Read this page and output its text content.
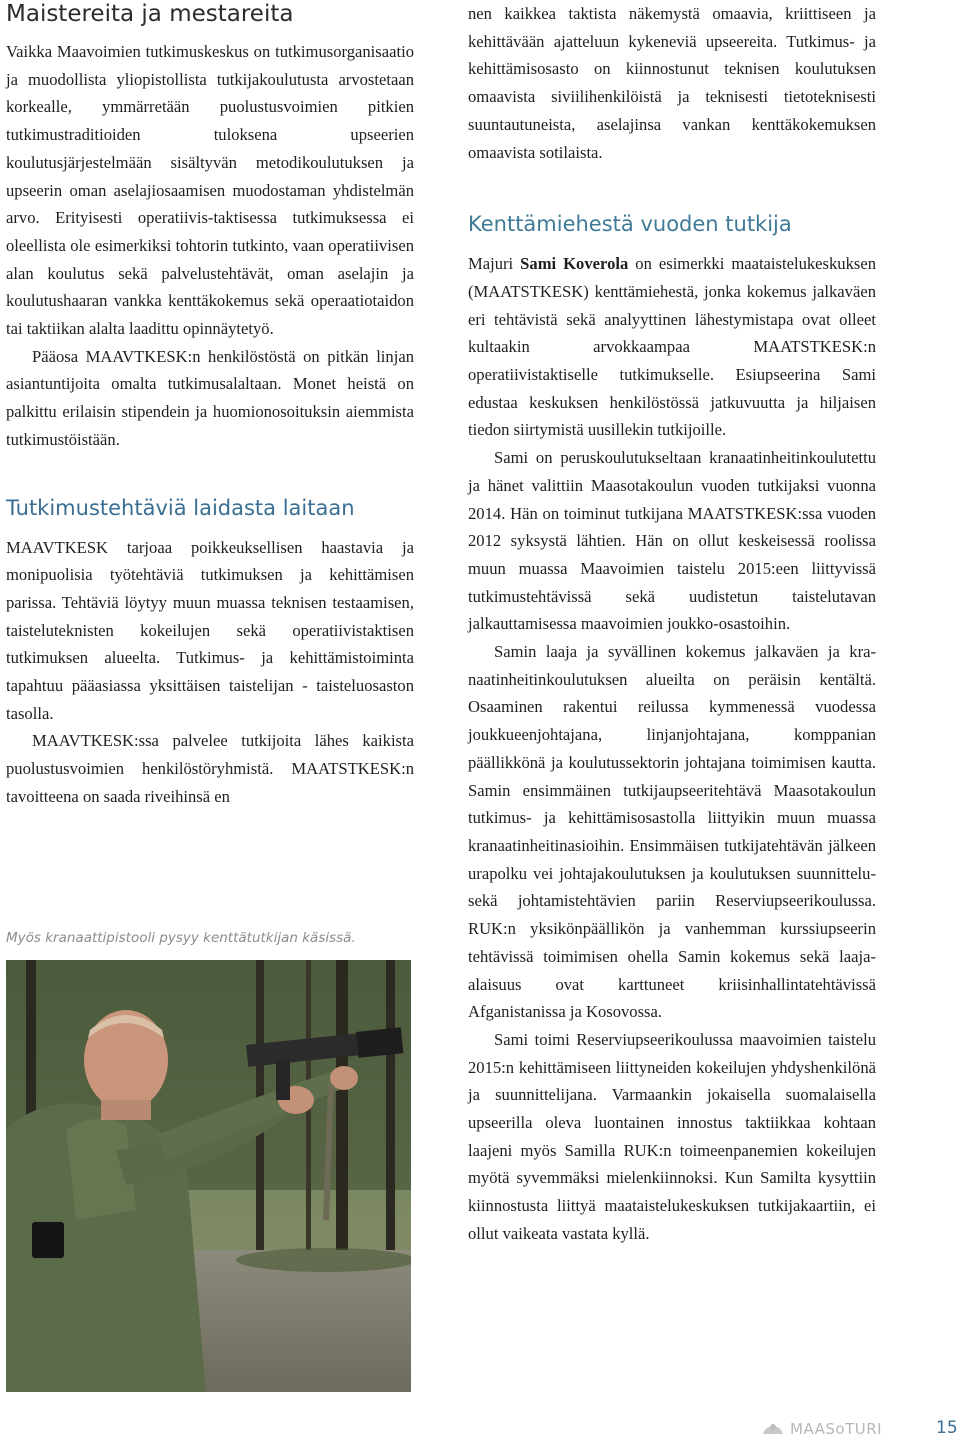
Maistereita ja mestareita

Vaikka Maavoimien tutkimuskeskus on tutkimusorganisaatio ja muodollista yliopistollista tutkijakoulutusta arvostetaan korkealle, ymmärretään puolustusvoimien pitkien tutkimustraditioiden tuloksena upseerien koulutusjärjestelmään sisältyvän metodikoulutuksen ja upseerin oman aselajiosaamisen muodostaman yhdistelmän arvo. Erityisesti operatiivis-taktisessa tutkimuksessa ei oleellista ole esimerkiksi tohtorin tutkinto, vaan operatiivisen alan koulutus sekä palvelustehtävät, oman aselajin ja koulutushaaran vankka kenttäkokemus sekä operaatiotaidon tai taktiikan alalta laadittu opinnäytetyö.

Pääosa MAAVTKESK:n henkilöstöstä on pitkän linjan asiantuntijoita omalta tutkimusalaltaan. Monet heistä on palkittu erilaisin stipendein ja huomionosoituksin aiemmista tutkimustöistään.

Tutkimustehtäviä laidasta laitaan

MAAVTKESK tarjoaa poikkeuksellisen haastavia ja monipuolisia työtehtäviä tutkimuksen ja kehittämisen parissa. Tehtäviä löytyy muun muassa teknisen testaamisen, taisteluteknisten kokeilujen sekä operatiivistaktisen tutkimuksen alueelta. Tutkimus- ja kehittämistoiminta tapahtuu pääasiassa yksittäisen taistelijan - taisteluosaston tasolla.

MAAVTKESK:ssa palvelee tutkijoita lähes kaikista puolustusvoimien henkilöstöryhmistä. MAATSTKESK:n tavoitteena on saada riveihinsä en

Myös kranaattipistooli pysyy kenttätutkijan käsissä.

nen kaikkea taktista näkemystä omaavia, kriittiseen ja kehittävään ajatteluun kykeneviä upseereita. Tutkimus- ja kehittämisosasto on kiinnostunut teknisen koulutuksen omaavista siviilihenkilöistä ja teknisesti tietoteknisesti suuntautuneista, aselajinsa vankan kenttäkokemuksen omaavista sotilaista.

Kenttämiehestä vuoden tutkija

Majuri Sami Koverola on esimerkki maataistelukeskuksen (MAATSTKESK) kenttämiehestä, jonka kokemus jalkaväen eri tehtävistä sekä analyyttinen lähestymistapa ovat olleet kultaakin arvokkaampaa MAATSTKESK:n operatiivistaktiselle tutkimukselle. Esiupseerina Sami edustaa keskuksen henkilöstössä jatkuvuutta ja hiljaisen tiedon siirtymistä uusillekin tutkijoille.

Sami on peruskoulutukseltaan kranaatinheitinkoulutettu ja hänet valittiin Maasotakoulun vuoden tutkijaksi vuonna 2014. Hän on toiminut tutkijana MAATSTKESK:ssa vuoden 2012 syksystä lähtien. Hän on ollut keskeisessä roolissa muun muassa Maavoimien taistelu 2015:een liittyvissä tutkimustehtävissä sekä uudistetun taistelutavan jalkauttamisessa maavoimien joukko-osastoihin.

Samin laaja ja syvällinen kokemus jalkaväen ja kranaatinheitinkoulutuksen alueilta on peräisin kentältä. Osaaminen rakentui reilussa kymmenessä vuodessa joukkueenjohtajana, linjanjohtajana, komppanian päällikkönä ja koulutussektorin johtajana toimimisen kautta. Samin ensimmäinen tutkijaupseeritehtävä Maasotakoulun tutkimus- ja kehittämisosastolla liittyikin muun muassa kranaatinheitinasioihin. Ensimmäisen tutkijatehtävän jälkeen urapolku vei johtajakoulutuksen ja koulutuksen suunnittelu- sekä johtamistehtävien pariin Reserviupseerikoulussa. RUK:n yksikönpäällikön ja vanhemman kurssiupseerin tehtävissä toimimisen ohella Samin kokemus sekä laaja-alaisuus ovat karttuneet kriisinhallintatehtävissä Afganistanissa ja Kosovossa.

Sami toimi Reserviupseerikoulussa maavoimien taistelu 2015:n kehittämiseen liittyneiden kokeilujen yhdyshenkilönä ja suunnittelijana. Varmaankin jokaisella suomalaisella upseerilla oleva luontainen innostus taktiikkaa kohtaan laajeni myös Samilla RUK:n toimeenpanemien kokeilujen myötä syvemmäksi mielenkiinnoksi. Kun Samilta kysyttiin kiinnostusta liittyä maataistelukeskuksen tutkijakaartiin, ei ollut vaikeata vastata kyllä.

MAASoTURI	15
